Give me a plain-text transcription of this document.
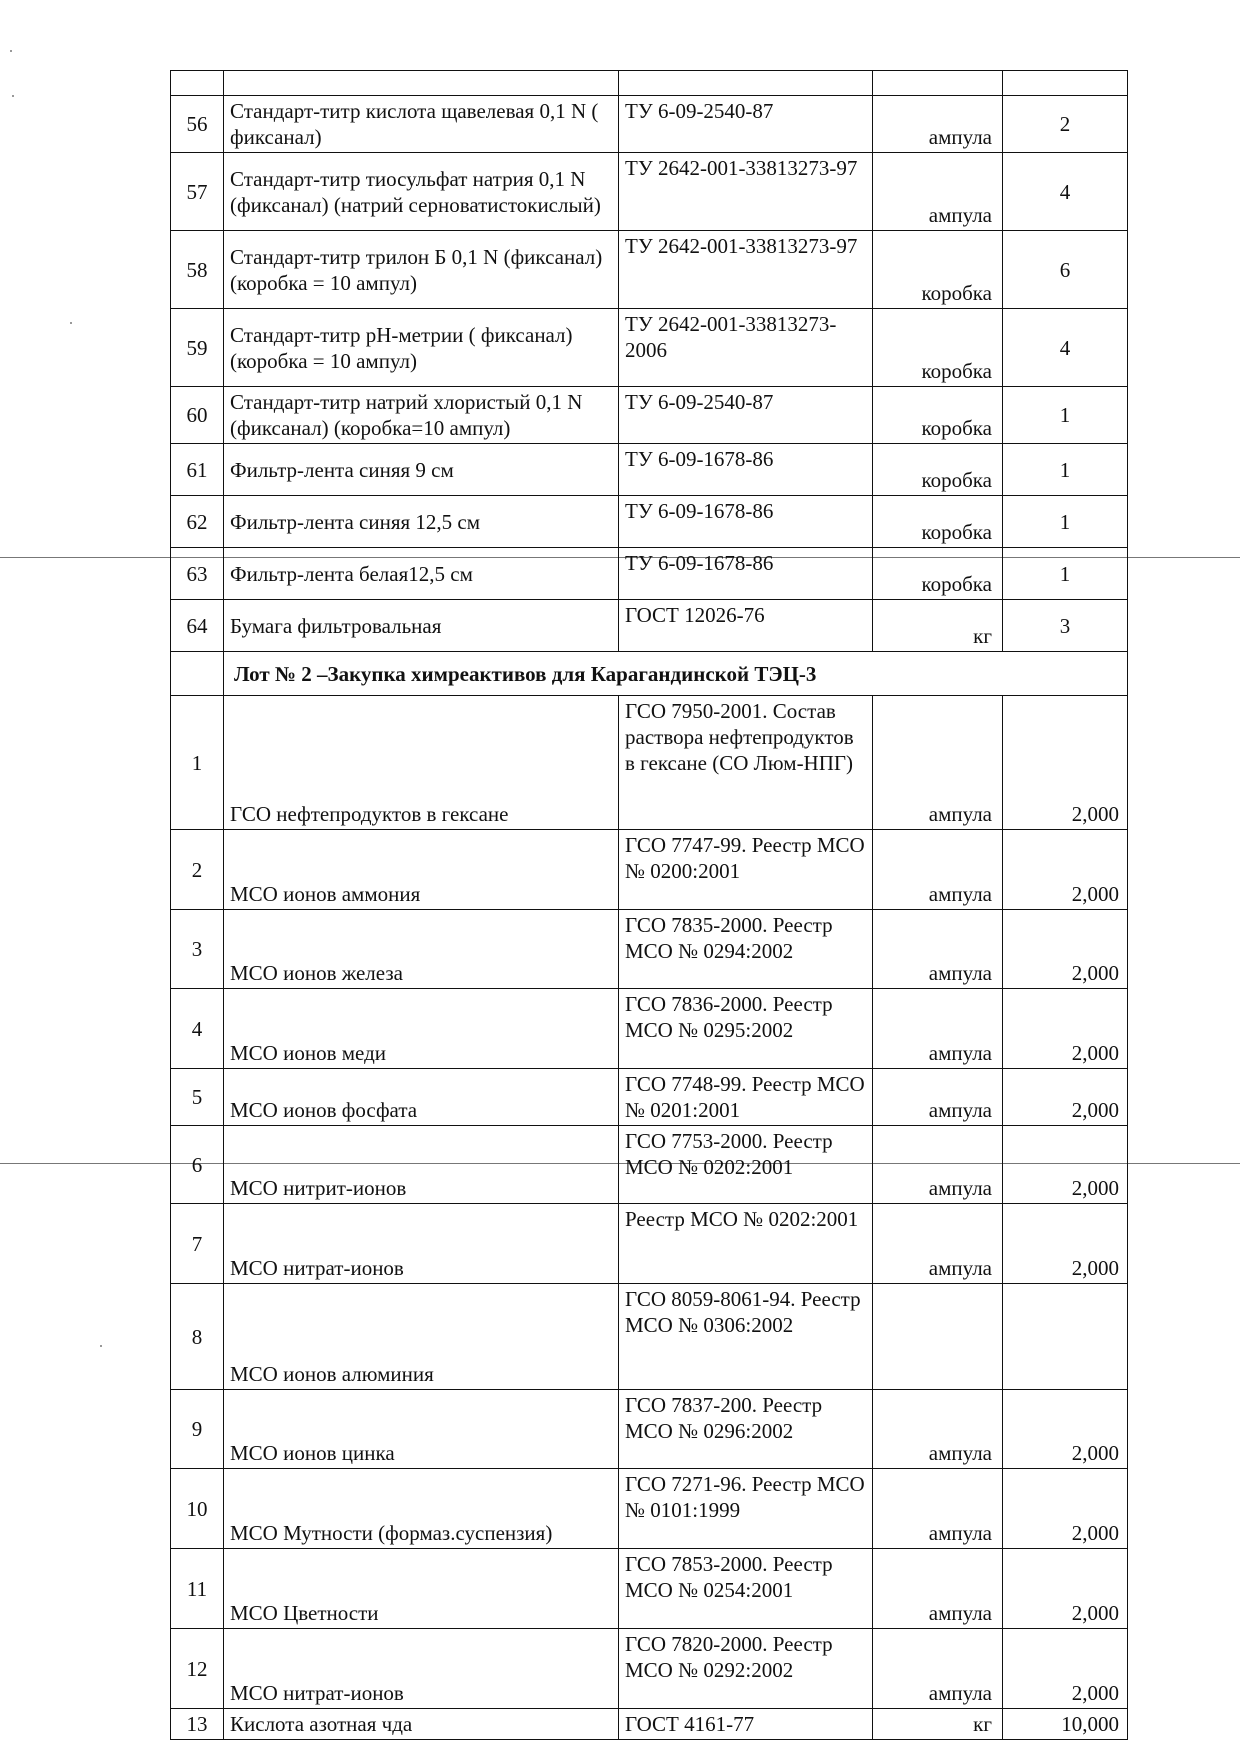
56	Стандарт-титр кислота щавелевая 0,1 N ( фиксанал)	ТУ 6-09-2540-87	ампула	2
57	Стандарт-титр тиосульфат натрия 0,1 N (фиксанал) (натрий серноватистокислый)	ТУ 2642-001-33813273-97	ампула	4
58	Стандарт-титр трилон Б 0,1 N (фиксанал) (коробка = 10 ампул)	ТУ 2642-001-33813273-97	коробка	6
59	Стандарт-титр рН-метрии ( фиксанал) (коробка = 10 ампул)	ТУ 2642-001-33813273-2006	коробка	4
60	Стандарт-титр натрий хлористый 0,1 N (фиксанал) (коробка=10 ампул)	ТУ 6-09-2540-87	коробка	1
61	Фильтр-лента синяя 9 см	ТУ 6-09-1678-86	коробка	1
62	Фильтр-лента синяя 12,5 см	ТУ 6-09-1678-86	коробка	1
63	Фильтр-лента белая12,5 см	ТУ 6-09-1678-86	коробка	1
64	Бумага фильтровальная	ГОСТ 12026-76	кг	3
	Лот № 2 –Закупка химреактивов для Карагандинской ТЭЦ-3			
1	ГСО нефтепродуктов в гексане	ГСО 7950-2001. Состав раствора нефтепродуктов в гексане (СО Люм-НПГ)	ампула	2,000
2	МСО ионов аммония	ГСО 7747-99. Реестр МСО № 0200:2001	ампула	2,000
3	МСО ионов железа	ГСО 7835-2000. Реестр МСО № 0294:2002	ампула	2,000
4	МСО ионов меди	ГСО 7836-2000. Реестр МСО № 0295:2002	ампула	2,000
5	МСО ионов фосфата	ГСО 7748-99. Реестр МСО № 0201:2001	ампула	2,000
6	МСО нитрит-ионов	ГСО 7753-2000. Реестр МСО № 0202:2001	ампула	2,000
7	МСО нитрат-ионов	Реестр МСО № 0202:2001	ампула	2,000
8	МСО ионов алюминия	ГСО 8059-8061-94. Реестр МСО № 0306:2002		
9	МСО ионов цинка	ГСО 7837-200. Реестр МСО № 0296:2002	ампула	2,000
10	МСО Мутности (формаз.суспензия)	ГСО 7271-96. Реестр МСО № 0101:1999	ампула	2,000
11	МСО Цветности	ГСО 7853-2000. Реестр МСО № 0254:2001	ампула	2,000
12	МСО нитрат-ионов	ГСО 7820-2000. Реестр МСО № 0292:2002	ампула	2,000
13	Кислота азотная чда	ГОСТ 4161-77	кг	10,000
